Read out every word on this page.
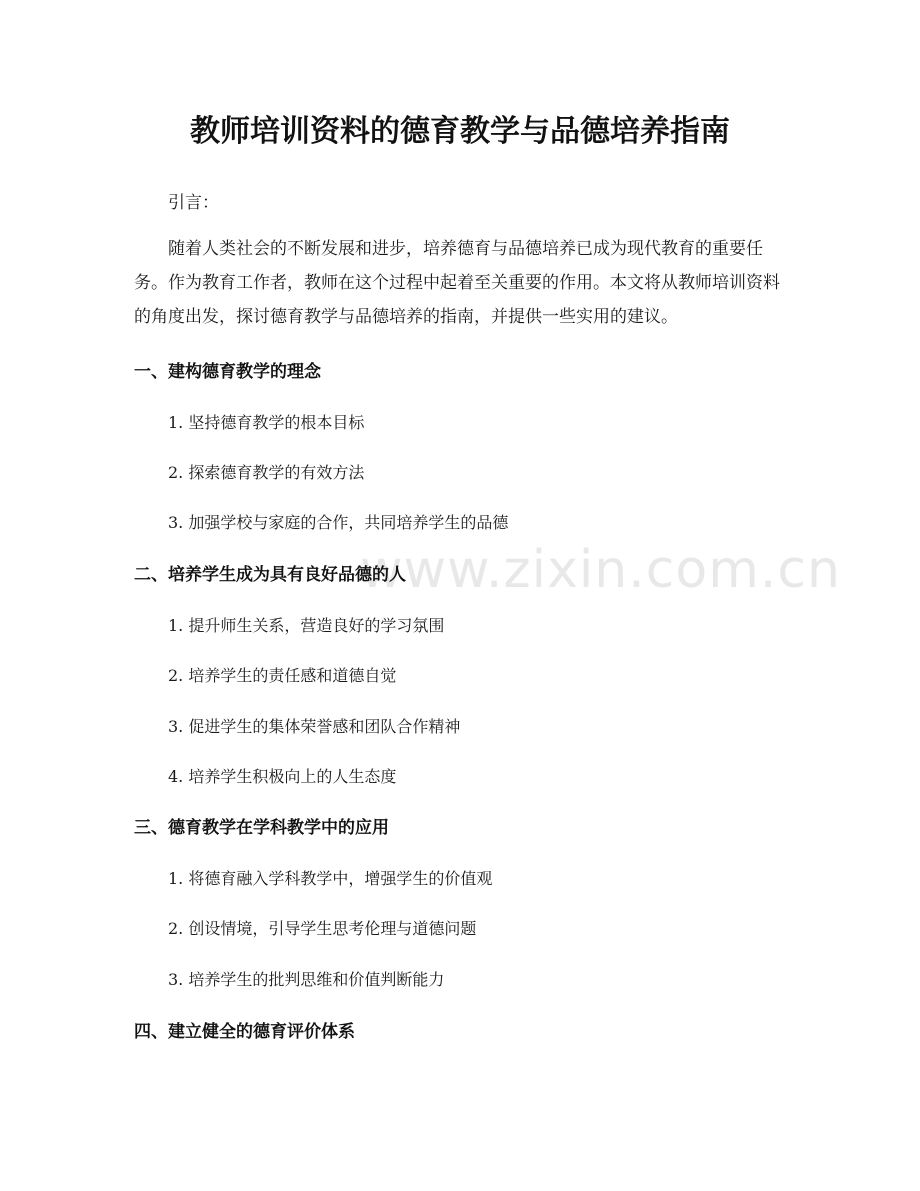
www.zixin.com.cn
教师培训资料的德育教学与品德培养指南

引言：

随着人类社会的不断发展和进步，培养德育与品德培养已成为现代教育的重要任务。作为教育工作者，教师在这个过程中起着至关重要的作用。本文将从教师培训资料的角度出发，探讨德育教学与品德培养的指南，并提供一些实用的建议。

一、建构德育教学的理念

1. 坚持德育教学的根本目标

2. 探索德育教学的有效方法

3. 加强学校与家庭的合作，共同培养学生的品德

二、培养学生成为具有良好品德的人

1. 提升师生关系，营造良好的学习氛围

2. 培养学生的责任感和道德自觉

3. 促进学生的集体荣誉感和团队合作精神

4. 培养学生积极向上的人生态度

三、德育教学在学科教学中的应用

1. 将德育融入学科教学中，增强学生的价值观

2. 创设情境，引导学生思考伦理与道德问题

3. 培养学生的批判思维和价值判断能力

四、建立健全的德育评价体系
